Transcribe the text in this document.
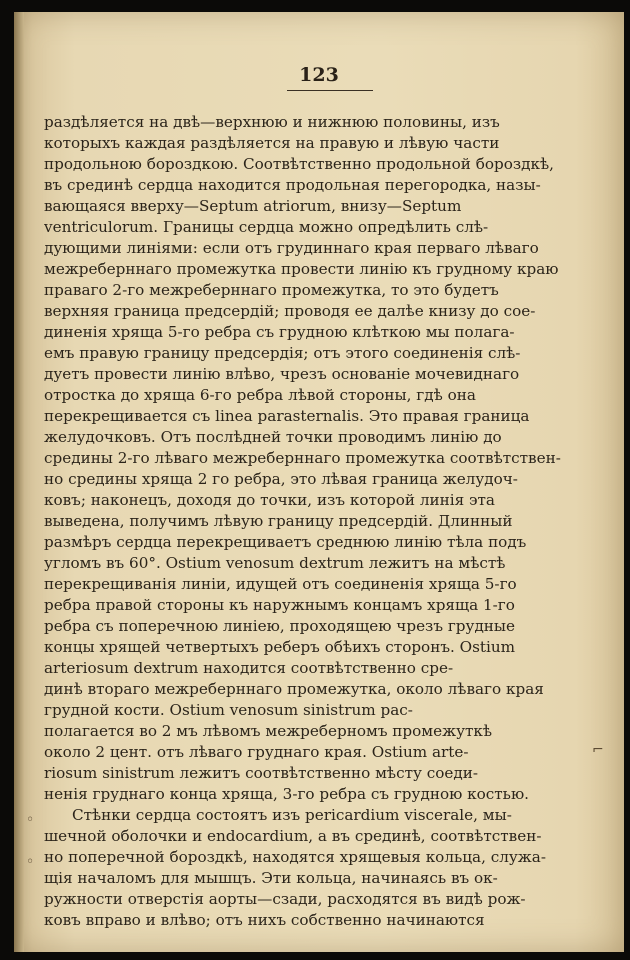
123
раздѣляется на двѣ—верхнюю и нижнюю половины, изъ
которыхъ каждая раздѣляется на правую и лѣвую части
продольною бороздкою. Соотвѣтственно продольной бороздкѣ,
въ срединѣ сердца находится продольная перегородка, назы-
вающаяся вверху—Septum atriorum, внизу—Septum
ventriculorum. Границы сердца можно опредѣлить слѣ-
дующими линіями: если отъ грудиннаго края перваго лѣваго
межреберннаго промежутка провести линію къ грудному краю
праваго 2-го межреберннаго промежутка, то это будетъ
верхняя граница предсердій; проводя ее далѣе книзу до сое-
диненія хряща 5-го ребра съ грудною клѣткою мы полага-
емъ правую границу предсердія; отъ этого соединенія слѣ-
дуетъ провести линію влѣво, чрезъ основаніе мочевиднаго
отростка до хряща 6-го ребра лѣвой стороны, гдѣ она
перекрещивается съ linea parasternalis. Это правая граница
желудочковъ. Отъ послѣдней точки проводимъ линію до
средины 2-го лѣваго межреберннаго промежутка соотвѣтствен-
но средины хряща 2 го ребра, это лѣвая граница желудоч-
ковъ; наконецъ, доходя до точки, изъ которой линія эта
выведена, получимъ лѣвую границу предсердій. Длинный
размѣръ сердца перекрещиваетъ среднюю линію тѣла подъ
угломъ въ 60°. Ostium venosum dextrum лежитъ на мѣстѣ
перекрещиванія линіи, идущей отъ соединенія хряща 5-го
ребра правой стороны къ наружнымъ концамъ хряща 1-го
ребра съ поперечною линіею, проходящею чрезъ грудные
концы хрящей четвертыхъ реберъ обѣихъ сторонъ. Ostium
arteriosum dextrum находится соотвѣтственно сре-
динѣ втораго межреберннаго промежутка, около лѣваго края
грудной кости. Ostium venosum sinistrum рас-
полагается во 2 мъ лѣвомъ межреберномъ промежуткѣ
около 2 цент. отъ лѣваго груднаго края. Ostium arte-
riosum sinistrum лежитъ соотвѣтственно мѣсту соеди-
ненія груднаго конца хряща, 3-го ребра съ грудною костью.
Стѣнки сердца состоятъ изъ pericardium viscerale, мы-
шечной оболочки и endocardium, а въ срединѣ, соотвѣтствен-
но поперечной бороздкѣ, находятся хрящевыя кольца, служа-
щія началомъ для мышцъ. Эти кольца, начинаясь въ ок-
ружности отверстія аорты—сзади, расходятся въ видѣ рож-
ковъ вправо и влѣво; отъ нихъ собственно начинаются
◦
◦
⌐
